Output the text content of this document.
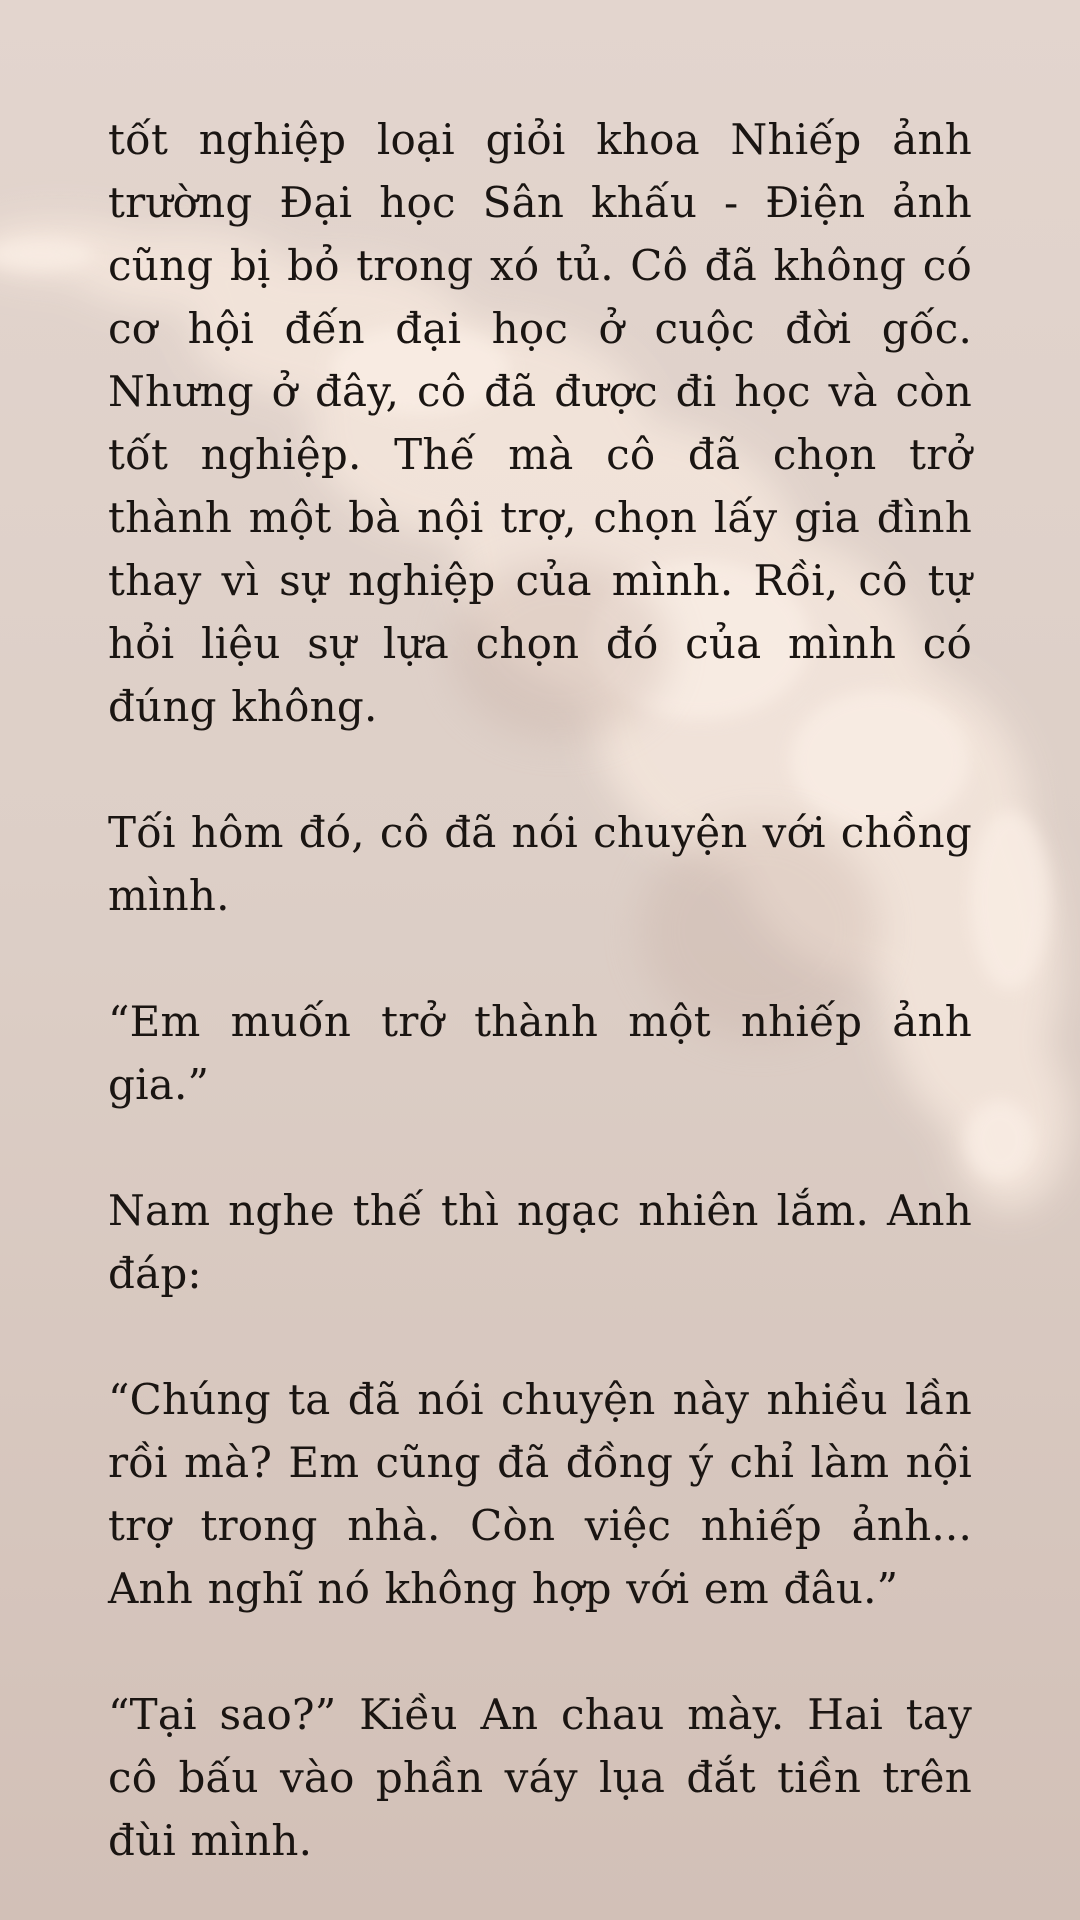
tốt nghiệp loại giỏi khoa Nhiếp ảnh trường Đại học Sân khấu - Điện ảnh cũng bị bỏ trong xó tủ. Cô đã không có cơ hội đến đại học ở cuộc đời gốc. Nhưng ở đây, cô đã được đi học và còn tốt nghiệp. Thế mà cô đã chọn trở thành một bà nội trợ, chọn lấy gia đình thay vì sự nghiệp của mình. Rồi, cô tự hỏi liệu sự lựa chọn đó của mình có đúng không.

Tối hôm đó, cô đã nói chuyện với chồng mình.

“Em muốn trở thành một nhiếp ảnh gia.”

Nam nghe thế thì ngạc nhiên lắm. Anh đáp:

“Chúng ta đã nói chuyện này nhiều lần rồi mà? Em cũng đã đồng ý chỉ làm nội trợ trong nhà. Còn việc nhiếp ảnh... Anh nghĩ nó không hợp với em đâu.”

“Tại sao?” Kiều An chau mày. Hai tay cô bấu vào phần váy lụa đắt tiền trên đùi mình.
